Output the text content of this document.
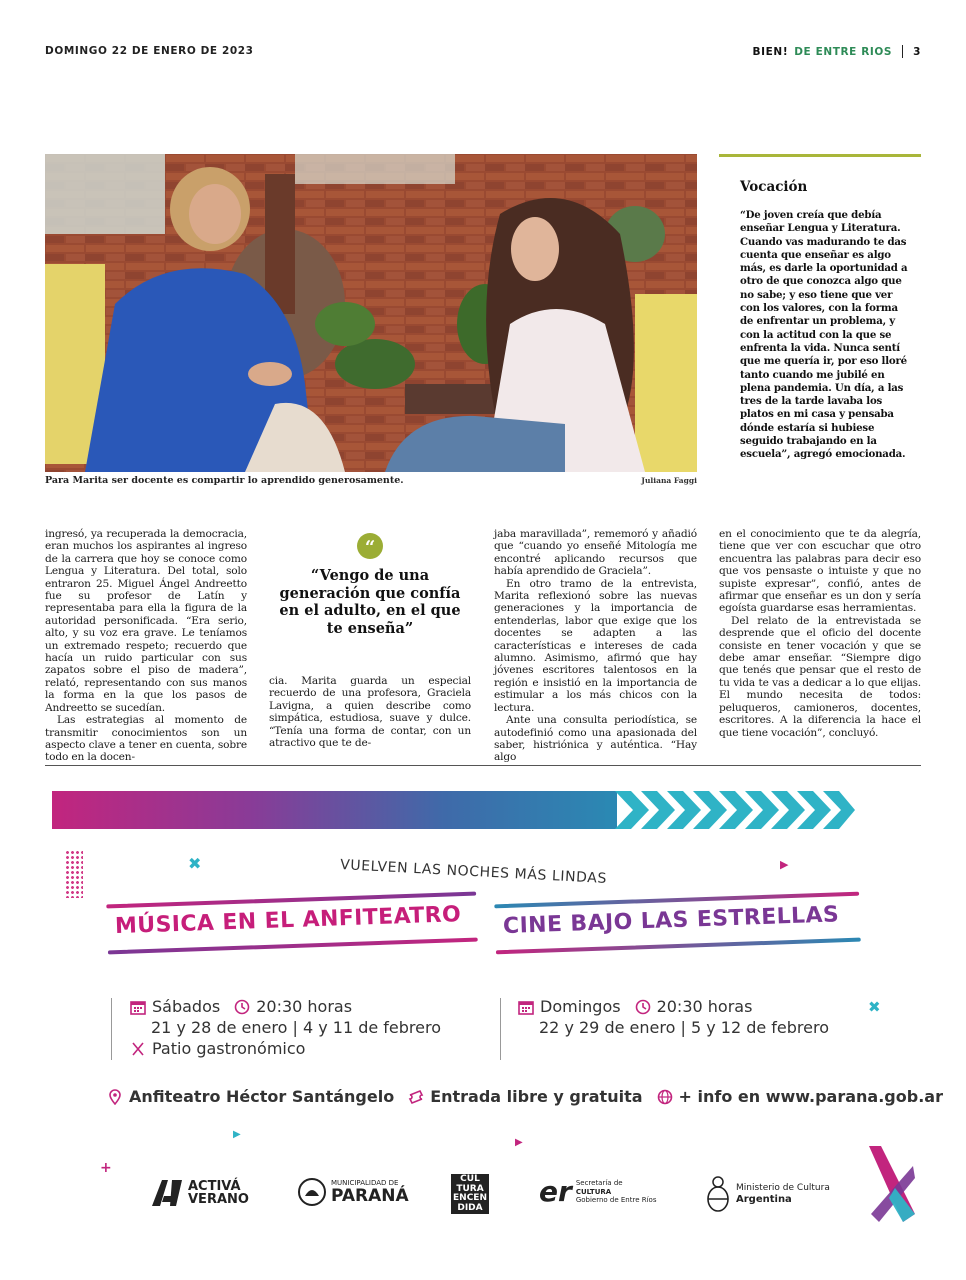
DOMINGO 22 DE ENERO DE 2023	BIEN! DE ENTRE RIOS 3
Para Marita ser docente es compartir lo aprendido generosamente.	Juliana Faggi
Vocación

“De joven creía que debía enseñar Lengua y Literatura. Cuando vas madurando te das cuenta que enseñar es algo más, es darle la oportunidad a otro de que conozca algo que no sabe; y eso tiene que ver con los valores, con la forma de enfrentar un problema, y con la actitud con la que se enfrenta la vida. Nunca sentí que me quería ir, por eso lloré tanto cuando me jubilé en plena pandemia. Un día, a las tres de la tarde lavaba los platos en mi casa y pensaba dónde estaría si hubiese seguido trabajando en la escuela”, agregó emocionada.

ingresó, ya recuperada la democracia, eran muchos los aspirantes al ingreso de la carrera que hoy se conoce como Lengua y Literatura. Del total, solo entraron 25. Miguel Ángel Andreetto fue su profesor de Latín y representaba para ella la figura de la autoridad personificada. “Era serio, alto, y su voz era grave. Le teníamos un extremado respeto; recuerdo que hacía un ruido particular con sus zapatos sobre el piso de madera”, relató, representando con sus manos la forma en la que los pasos de Andreetto se sucedían.

Las estrategias al momento de transmitir conocimientos son un aspecto clave a tener en cuenta, sobre todo en la docen-

“
“Vengo de una generación que confía en el adulto, en el que te enseña”

cia. Marita guarda un especial recuerdo de una profesora, Graciela Lavigna, a quien describe como simpática, estudiosa, suave y dulce. “Tenía una forma de contar, con un atractivo que te de-

jaba maravillada”, rememoró y añadió que “cuando yo enseñé Mitología me encontré aplicando recursos que había aprendido de Graciela”.

En otro tramo de la entrevista, Marita reflexionó sobre las nuevas generaciones y la importancia de entenderlas, labor que exige que los docentes se adapten a las características e intereses de cada alumno. Asimismo, afirmó que hay jóvenes escritores talentosos en la región e insistió en la importancia de estimular a los más chicos con la lectura.

Ante una consulta periodística, se autodefinió como una apasionada del saber, histriónica y auténtica. “Hay algo

en el conocimiento que te da alegría, tiene que ver con escuchar que otro encuentra las palabras para decir eso que vos pensaste o intuiste y que no supiste expresar”, confió, antes de afirmar que enseñar es un don y sería egoísta guardarse esas herramientas.

Del relato de la entrevistada se desprende que el oficio del docente consiste en tener vocación y que se debe amar enseñar. “Siempre digo que tenés que pensar que el resto de tu vida te vas a dedicar a lo que elijas. El mundo necesita de todos: peluqueros, camioneros, docentes, escritores. A la diferencia la hace el que tiene vocación”, concluyó.

✖	▶
✖
▶
▶
+
VUELVEN LAS NOCHES MÁS LINDAS
MÚSICA EN EL ANFITEATRO CINE BAJO LAS ESTRELLAS
Sábados 20:30 horas
21 y 28 de enero | 4 y 11 de febrero
Patio gastronómico
Domingos 20:30 horas
22 y 29 de enero | 5 y 12 de febrero
Anfiteatro Héctor Santángelo Entrada libre y gratuita + info en www.parana.gob.ar
ACTIVÁ
VERANO
MUNICIPALIDAD DE
PARANÁ
CUL
TURA
ENCEN
DIDA er Secretaría de
CULTURA
Gobierno de Entre Ríos
Ministerio de Cultura
Argentina
